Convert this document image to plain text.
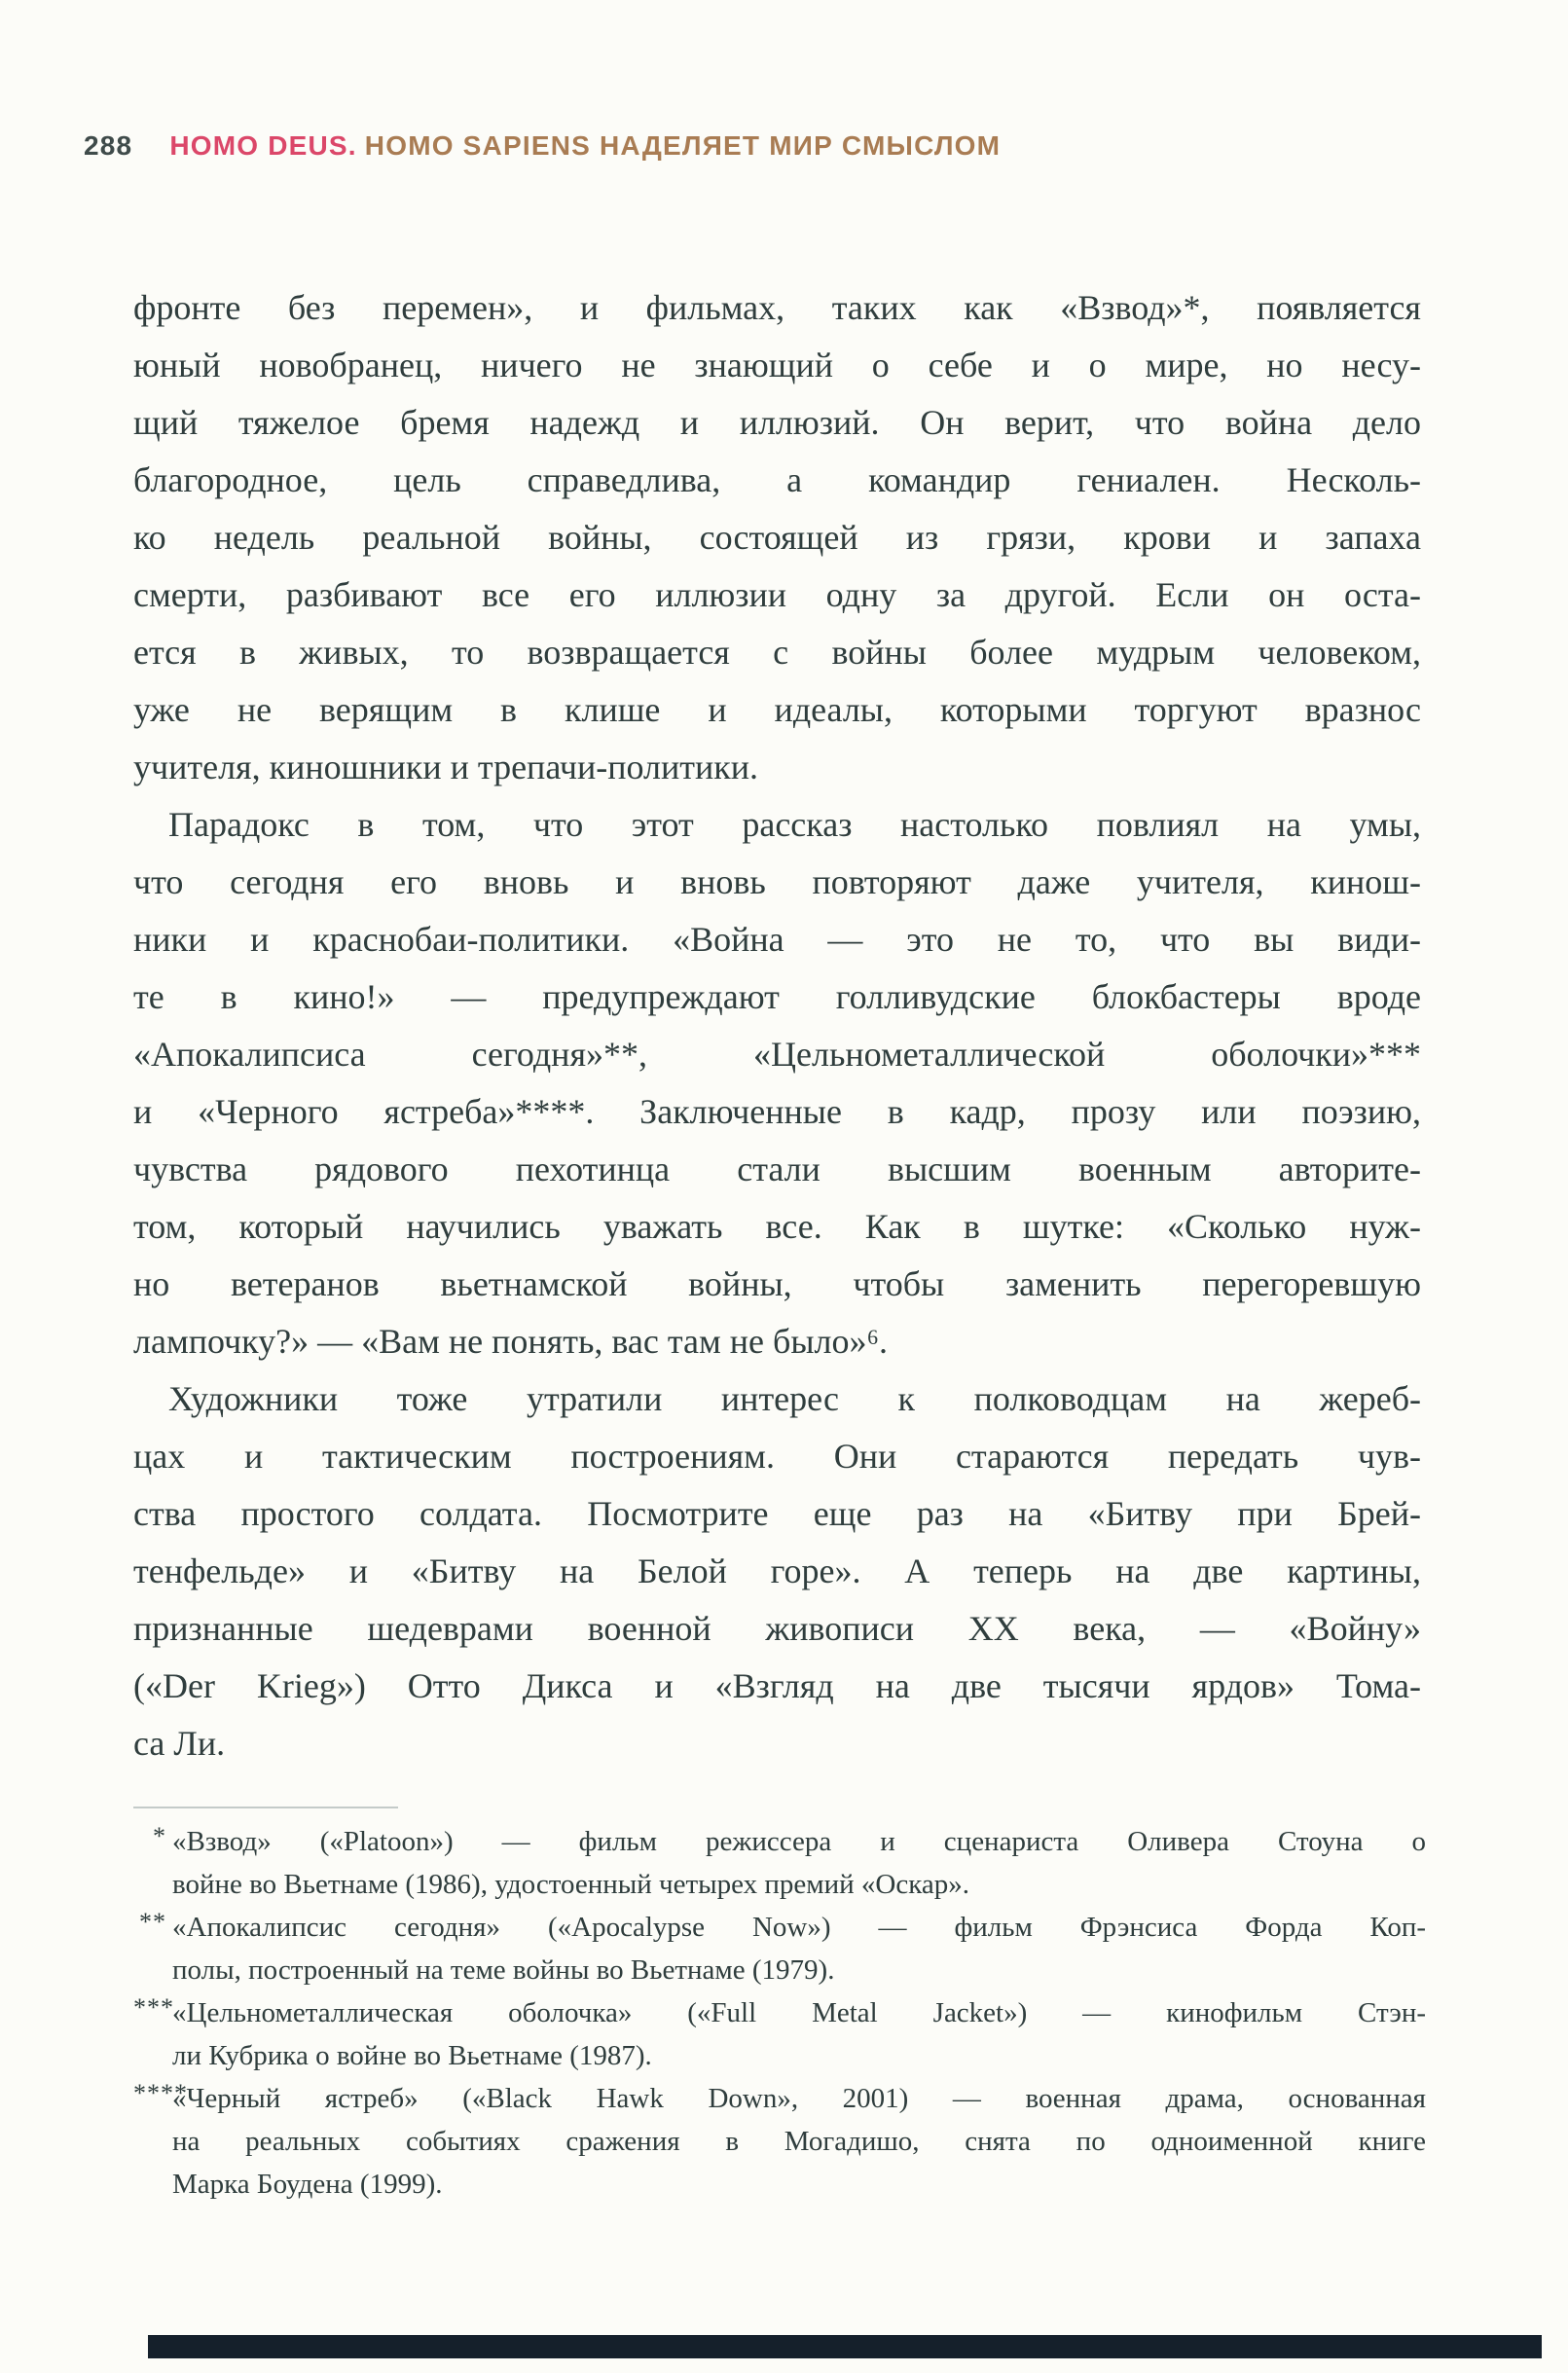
288 HOMO DEUS. HOMO SAPIENS НАДЕЛЯЕТ МИР СМЫСЛОМ
фронте без перемен», и фильмах, таких как «Взвод»*, появляется
юный новобранец, ничего не знающий о себе и о мире, но несу-
щий тяжелое бремя надежд и иллюзий. Он верит, что война дело
благородное, цель справедлива, а командир гениален. Несколь-
ко недель реальной войны, состоящей из грязи, крови и запаха
смерти, разбивают все его иллюзии одну за другой. Если он оста-
ется в живых, то возвращается с войны более мудрым человеком,
уже не верящим в клише и идеалы, которыми торгуют вразнос
учителя, киношники и трепачи-политики.
Парадокс в том, что этот рассказ настолько повлиял на умы,
что сегодня его вновь и вновь повторяют даже учителя, кинош-
ники и краснобаи-политики. «Война — это не то, что вы види-
те в кино!» — предупреждают голливудские блокбастеры вроде
«Апокалипсиса сегодня»**, «Цельнометаллической оболочки»***
и «Черного ястреба»****. Заключенные в кадр, прозу или поэзию,
чувства рядового пехотинца стали высшим военным авторите-
том, который научились уважать все. Как в шутке: «Сколько нуж-
но ветеранов вьетнамской войны, чтобы заменить перегоревшую
лампочку?» — «Вам не понять, вас там не было»⁶.
Художники тоже утратили интерес к полководцам на жереб-
цах и тактическим построениям. Они стараются передать чув-
ства простого солдата. Посмотрите еще раз на «Битву при Брей-
тенфельде» и «Битву на Белой горе». А теперь на две картины,
признанные шедеврами военной живописи XX века, — «Войну»
(«Der Krieg») Отто Дикса и «Взгляд на две тысячи ярдов» Тома-
са Ли.
* «Взвод» («Platoon») — фильм режиссера и сценариста Оливера Стоуна о
войне во Вьетнаме (1986), удостоенный четырех премий «Оскар».
** «Апокалипсис сегодня» («Apocalypse Now») — фильм Фрэнсиса Форда Коп-
полы, построенный на теме войны во Вьетнаме (1979).
***
«Цельнометаллическая оболочка» («Full Metal Jacket») — кинофильм Стэн-
ли Кубрика о войне во Вьетнаме (1987).
****
«Черный ястреб» («Black Hawk Down», 2001) — военная драма, основанная
на реальных событиях сражения в Могадишо, снята по одноименной книге
Марка Боудена (1999).
